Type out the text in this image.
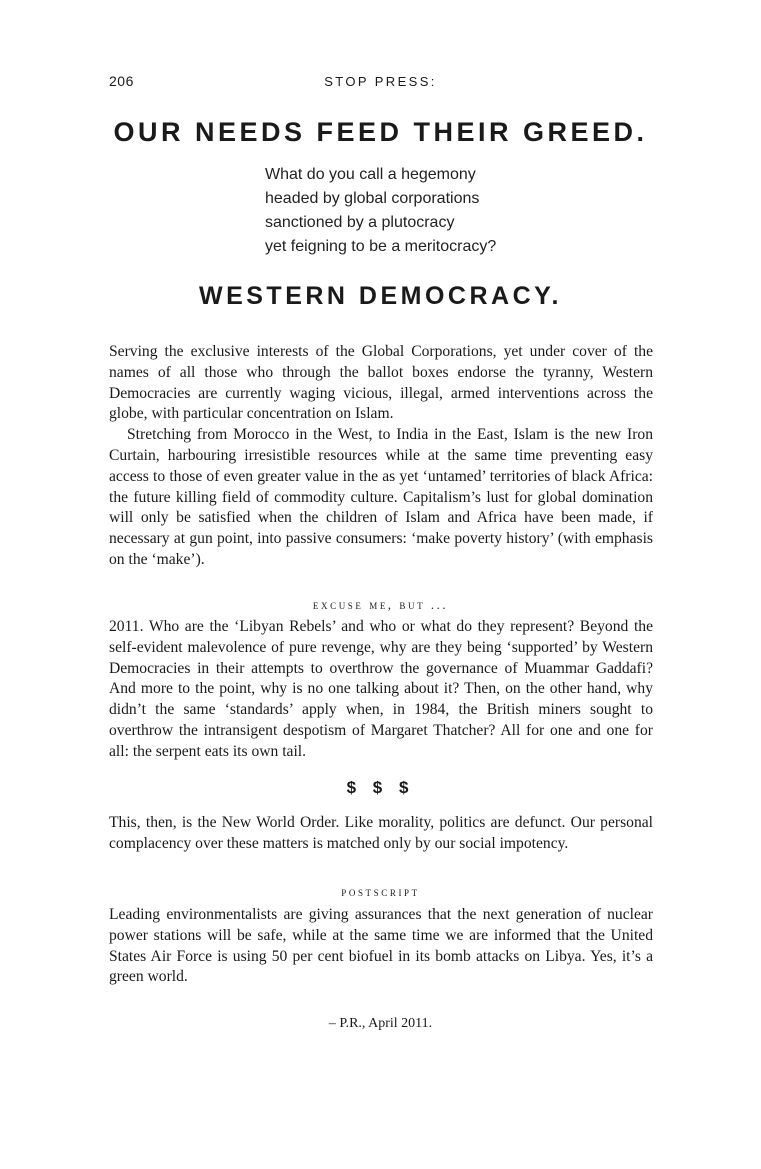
206	STOP PRESS:
OUR NEEDS FEED THEIR GREED.
What do you call a hegemony
headed by global corporations
sanctioned by a plutocracy
yet feigning to be a meritocracy?
WESTERN DEMOCRACY.

Serving the exclusive interests of the Global Corporations, yet under cover of the names of all those who through the ballot boxes endorse the tyranny, Western Democracies are currently waging vicious, illegal, armed interventions across the globe, with particular concentration on Islam.

Stretching from Morocco in the West, to India in the East, Islam is the new Iron Curtain, harbouring irresistible resources while at the same time preventing easy access to those of even greater value in the as yet ‘untamed’ territories of black Africa: the future killing field of commodity culture. Capitalism’s lust for global domination will only be satisfied when the children of Islam and Africa have been made, if necessary at gun point, into passive consumers: ‘make poverty history’ (with emphasis on the ‘make’).

excuse me, but ...

2011. Who are the ‘Libyan Rebels’ and who or what do they represent? Beyond the self-evident malevolence of pure revenge, why are they being ‘supported’ by Western Democracies in their attempts to overthrow the governance of Muammar Gaddafi? And more to the point, why is no one talking about it? Then, on the other hand, why didn’t the same ‘standards’ apply when, in 1984, the British miners sought to overthrow the intransigent despotism of Margaret Thatcher? All for one and one for all: the serpent eats its own tail.

$ $ $

This, then, is the New World Order. Like morality, politics are defunct. Our personal complacency over these matters is matched only by our social impotency.

postscript

Leading environmentalists are giving assurances that the next generation of nuclear power stations will be safe, while at the same time we are informed that the United States Air Force is using 50 per cent biofuel in its bomb attacks on Libya. Yes, it’s a green world.

– P.R., April 2011.
